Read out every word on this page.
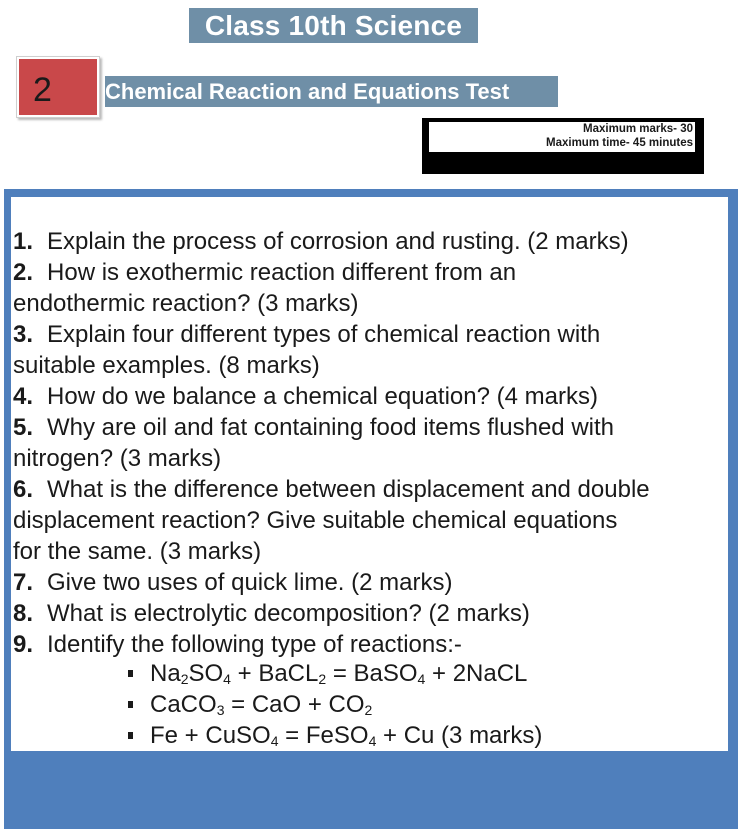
Class 10th Science
2	Chemical Reaction and Equations Test
Maximum marks- 30
Maximum time- 45 minutes
1. Explain the process of corrosion and rusting. (2 marks)
2. How is exothermic reaction different from an
endothermic reaction? (3 marks)
3. Explain four different types of chemical reaction with
suitable examples. (8 marks)
4. How do we balance a chemical equation? (4 marks)
5. Why are oil and fat containing food items flushed with
nitrogen? (3 marks)
6. What is the difference between displacement and double
displacement reaction? Give suitable chemical equations
for the same. (3 marks)
7. Give two uses of quick lime. (2 marks)
8. What is electrolytic decomposition? (2 marks)
9. Identify the following type of reactions:-
$Na_2SO_4$ + BaCL$_2$ = BaSO$_4$ + 2NaCL
CaCO$_3$ = CaO + $CO_2$
Fe + CuSO$_4$ = FeSO$_4$ + Cu (3 marks)
